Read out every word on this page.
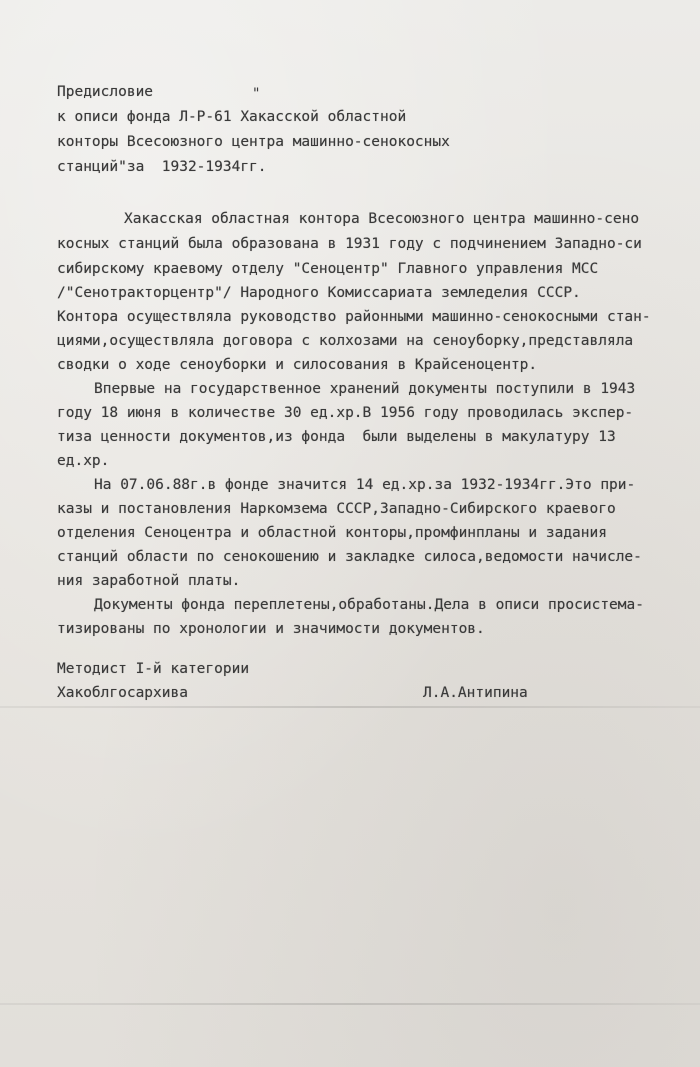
Предисловие	"
к описи фонда Л-Р-61 Хакасской областной
конторы Всесоюзного центра машинно-сенокосных
станций"за  1932-1934гг.
Хакасская областная контора Всесоюзного центра машинно-сено
косных станций была образована в 1931 году с подчинением Западно-си
сибирскому краевому отделу "Сеноцентр" Главного управления МСС
/"Сенотракторцентр"/ Народного Комиссариата земледелия СССР.
Контора осуществляла руководство районными машинно-сенокосными стан-
циями,осуществляла договора с колхозами на сеноуборку,представляла
сводки о ходе сеноуборки и силосования в Крайсеноцентр.
Впервые на государственное хранений документы поступили в 1943
году 18 июня в количестве 30 ед.хр.В 1956 году проводилась экспер-
тиза ценности документов,из фонда  были выделены в макулатуру 13
ед.хр.
На 07.06.88г.в фонде значится 14 ед.хр.за 1932-1934гг.Это при-
казы и постановления Наркомзема СССР,Западно-Сибирского краевого
отделения Сеноцентра и областной конторы,промфинпланы и задания
станций области по сенокошению и закладке силоса,ведомости начисле-
ния заработной платы.
Документы фонда переплетены,обработаны.Дела в описи просистема-
тизированы по хронологии и значимости документов.
Методист I-й категории
Хакоблгосархива	Л.А.Антипина
